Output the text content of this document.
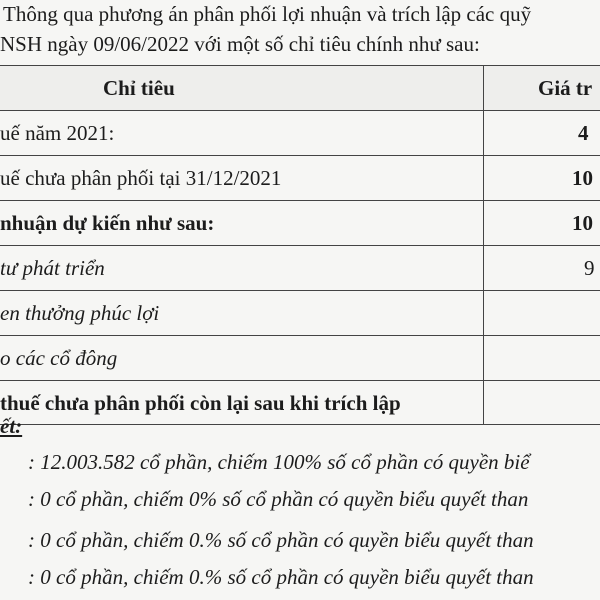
Thông qua phương án phân phối lợi nhuận và trích lập các quỹ
NSH ngày 09/06/2022 với một số chỉ tiêu chính như sau:
Chỉ tiêu	Giá tr
uế năm 2021:	4
uế chưa phân phối tại 31/12/2021	10
nhuận dự kiến như sau:	10
tư phát triển	9
en thưởng phúc lợi
o các cổ đông
thuế chưa phân phối còn lại sau khi trích lập
ết:
: 12.003.582 cổ phần, chiếm 100% số cổ phần có quyền biể
: 0 cổ phần, chiếm 0% số cổ phần có quyền biểu quyết than
: 0 cổ phần, chiếm 0.% số cổ phần có quyền biểu quyết than
: 0 cổ phần, chiếm 0.% số cổ phần có quyền biểu quyết than
